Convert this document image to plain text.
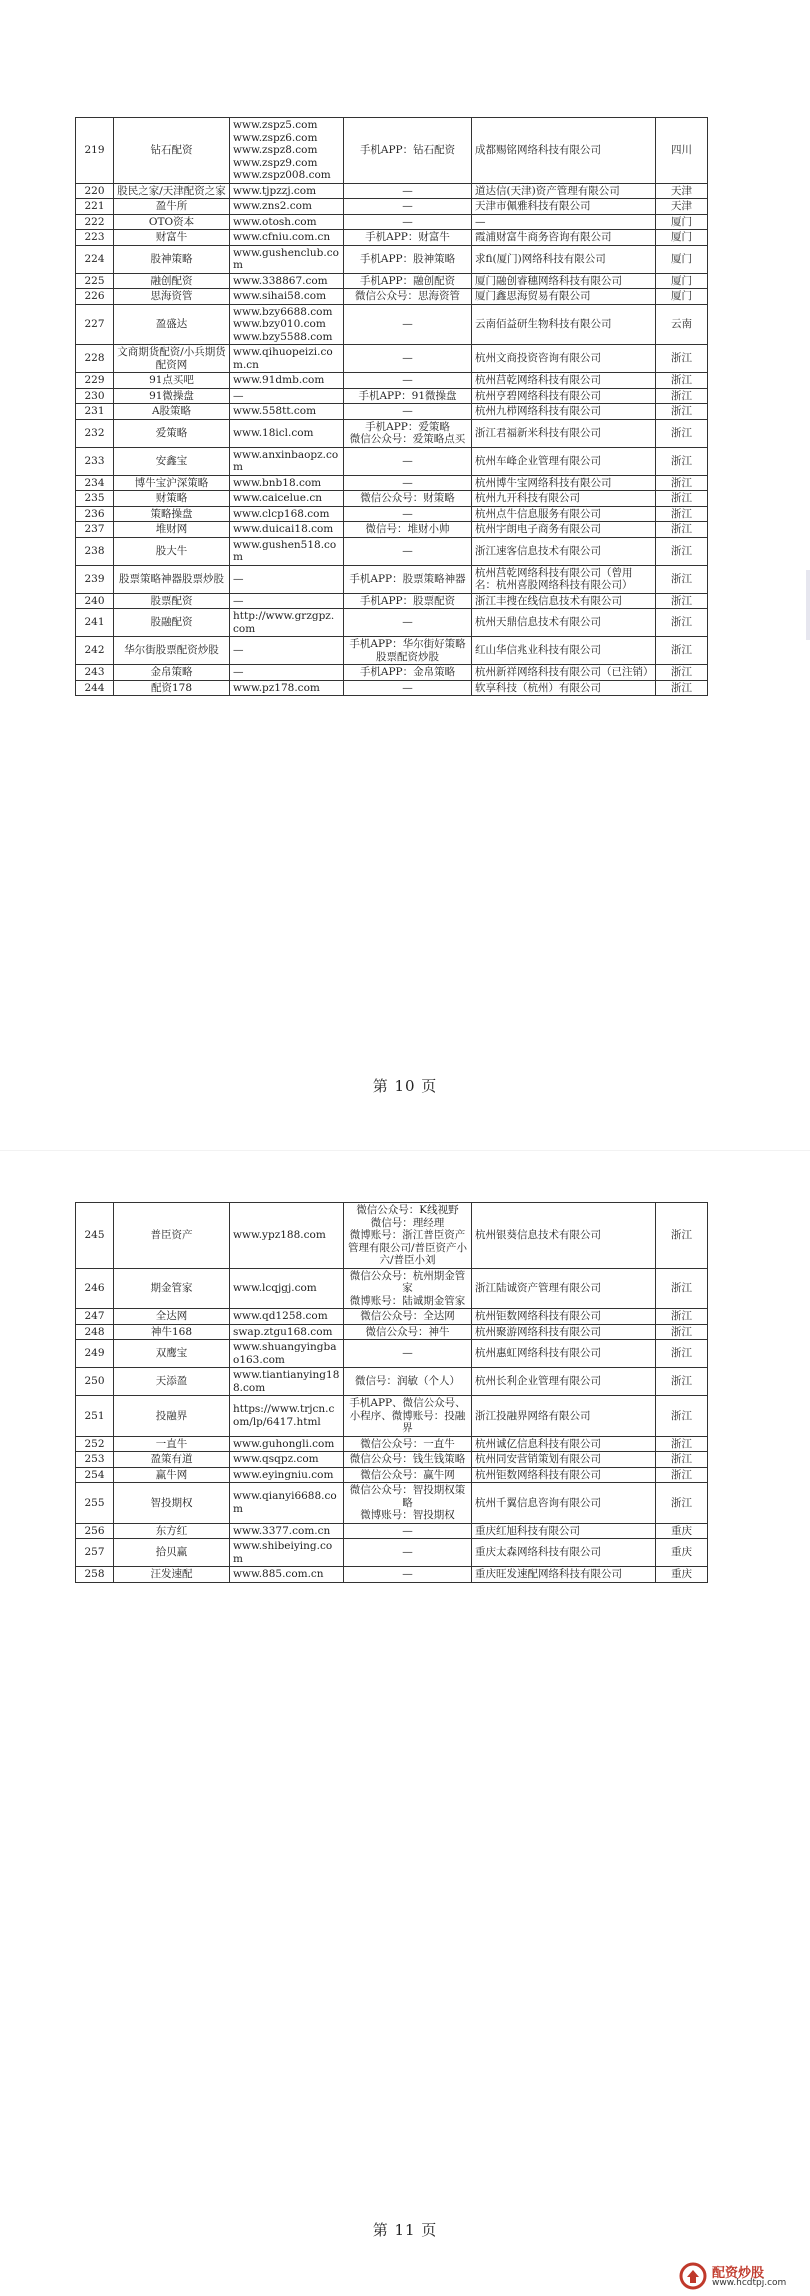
219	钻石配资	www.zspz5.com
www.zspz6.com
www.zspz8.com
www.zspz9.com
www.zspz008.com	手机APP：钻石配资	成都赐铭网络科技有限公司	四川
220	股民之家/天津配资之家	www.tjpzzj.com	—	道达信(天津)资产管理有限公司	天津
221	盈牛所	www.zns2.com	—	天津市佩雅科技有限公司	天津
222	OTO资本	www.otosh.com	—	—	厦门
223	财富牛	www.cfniu.com.cn	手机APP：财富牛	霞浦财富牛商务咨询有限公司	厦门
224	股神策略	www.gushenclub.com	手机APP：股神策略	求fi(厦门)网络科技有限公司	厦门
225	融创配资	www.338867.com	手机APP：融创配资	厦门融创睿穗网络科技有限公司	厦门
226	思海资管	www.sihai58.com	微信公众号：思海资管	厦门鑫思海贸易有限公司	厦门
227	盈盛达	www.bzy6688.com
www.bzy010.com
www.bzy5588.com	—	云南佰益研生物科技有限公司	云南
228	文商期货配资/小兵期货配资网	www.qihuopeizi.com.cn	—	杭州文商投资咨询有限公司	浙江
229	91点买吧	www.91dmb.com	—	杭州莒乾网络科技有限公司	浙江
230	91微操盘	—	手机APP：91微操盘	杭州亨碧网络科技有限公司	浙江
231	A股策略	www.558tt.com	—	杭州九栉网络科技有限公司	浙江
232	爱策略	www.18icl.com	手机APP：爱策略
微信公众号：爱策略点买	浙江君福新米科技有限公司	浙江
233	安鑫宝	www.anxinbaopz.com	—	杭州车峰企业管理有限公司	浙江
234	博牛宝沪深策略	www.bnb18.com	—	杭州博牛宝网络科技有限公司	浙江
235	财策略	www.caicelue.cn	微信公众号：财策略	杭州九开科技有限公司	浙江
236	策略操盘	www.clcp168.com	—	杭州点牛信息服务有限公司	浙江
237	堆财网	www.duicai18.com	微信号：堆财小帅	杭州宇朗电子商务有限公司	浙江
238	股大牛	www.gushen518.com	—	浙江速客信息技术有限公司	浙江
239	股票策略神器股票炒股	—	手机APP：股票策略神器	杭州莒乾网络科技有限公司（曾用名：杭州喜股网络科技有限公司）	浙江
240	股票配资	—	手机APP：股票配资	浙江丰搜在线信息技术有限公司	浙江
241	股融配资	http://www.grzgpz.com	—	杭州天鼎信息技术有限公司	浙江
242	华尔街股票配资炒股	—	手机APP：华尔街好策略股票配资炒股	红山华信兆业科技有限公司	浙江
243	金帛策略	—	手机APP：金帛策略	杭州新祥网络科技有限公司（已注销）	浙江
244	配资178	www.pz178.com	—	软享科技（杭州）有限公司	浙江
第 10 页
245	普臣资产	www.ypz188.com	微信公众号：K线视野
微信号：理经理
微博账号：浙江普臣资产管理有限公司/普臣资产小六/普臣小刘	杭州银葵信息技术有限公司	浙江
246	期金管家	www.lcqjgj.com	微信公众号：杭州期金管家
微博账号：陆诚期金管家	浙江陆诚资产管理有限公司	浙江
247	全达网	www.qd1258.com	微信公众号：全达网	杭州钜数网络科技有限公司	浙江
248	神牛168	swap.ztgu168.com	微信公众号：神牛	杭州聚游网络科技有限公司	浙江
249	双鹰宝	www.shuangyingbao163.com	—	杭州惠虹网络科技有限公司	浙江
250	天添盈	www.tiantianying188.com	微信号：润敏（个人）	杭州长利企业管理有限公司	浙江
251	投融界	https://www.trjcn.com/lp/6417.html	手机APP、微信公众号、小程序、微博账号：投融界	浙江投融界网络有限公司	浙江
252	一直牛	www.guhongli.com	微信公众号：一直牛	杭州诚亿信息科技有限公司	浙江
253	盈策有道	www.qsqpz.com	微信公众号：钱生钱策略	杭州同安营销策划有限公司	浙江
254	赢牛网	www.eyingniu.com	微信公众号：赢牛网	杭州钜数网络科技有限公司	浙江
255	智投期权	www.qianyi6688.com	微信公众号：智投期权策略
微博账号：智投期权	杭州千翼信息咨询有限公司	浙江
256	东方红	www.3377.com.cn	—	重庆红旭科技有限公司	重庆
257	拾贝赢	www.shibeiying.com	—	重庆太森网络科技有限公司	重庆
258	汪发速配	www.885.com.cn	—	重庆旺发速配网络科技有限公司	重庆
第 11 页
配资炒股
www.hcdtpj.com
